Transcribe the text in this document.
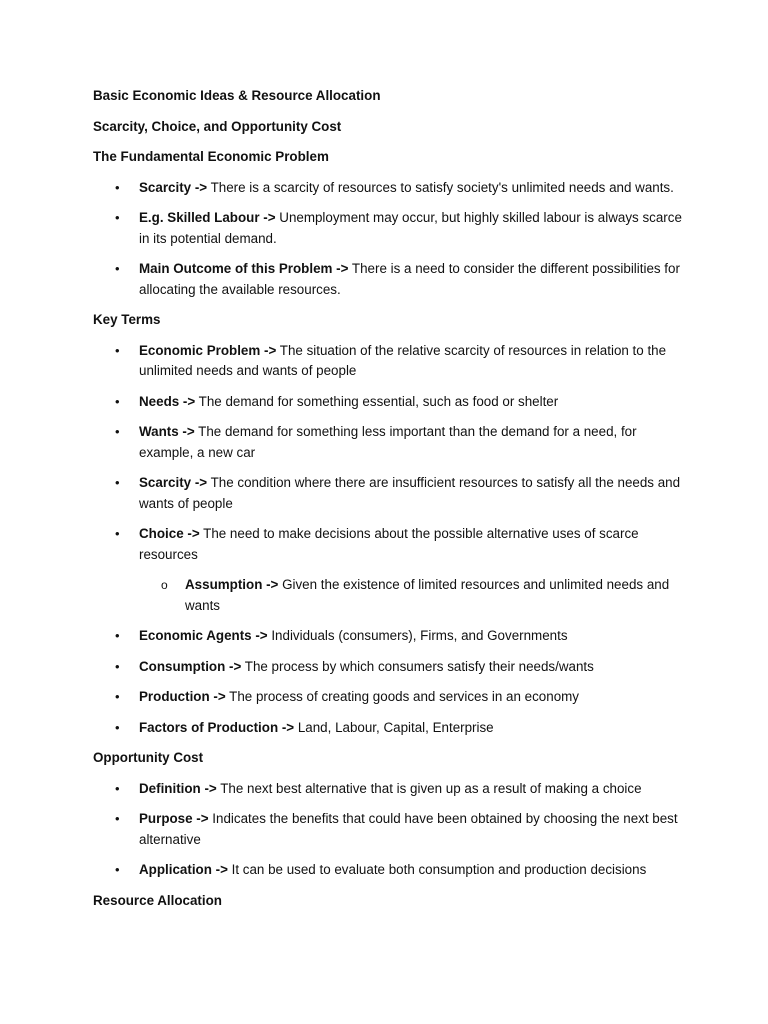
Basic Economic Ideas & Resource Allocation
Scarcity, Choice, and Opportunity Cost
The Fundamental Economic Problem
• Scarcity -> There is a scarcity of resources to satisfy society's unlimited needs and wants.
• E.g. Skilled Labour -> Unemployment may occur, but highly skilled labour is always scarce in its potential demand.
• Main Outcome of this Problem -> There is a need to consider the different possibilities for allocating the available resources.
Key Terms
• Economic Problem -> The situation of the relative scarcity of resources in relation to the unlimited needs and wants of people
• Needs -> The demand for something essential, such as food or shelter
• Wants -> The demand for something less important than the demand for a need, for example, a new car
• Scarcity -> The condition where there are insufficient resources to satisfy all the needs and wants of people
• Choice -> The need to make decisions about the possible alternative uses of scarce resources
o Assumption -> Given the existence of limited resources and unlimited needs and wants
• Economic Agents -> Individuals (consumers), Firms, and Governments
• Consumption -> The process by which consumers satisfy their needs/wants
• Production -> The process of creating goods and services in an economy
• Factors of Production -> Land, Labour, Capital, Enterprise
Opportunity Cost
• Definition -> The next best alternative that is given up as a result of making a choice
• Purpose -> Indicates the benefits that could have been obtained by choosing the next best alternative
• Application -> It can be used to evaluate both consumption and production decisions
Resource Allocation
